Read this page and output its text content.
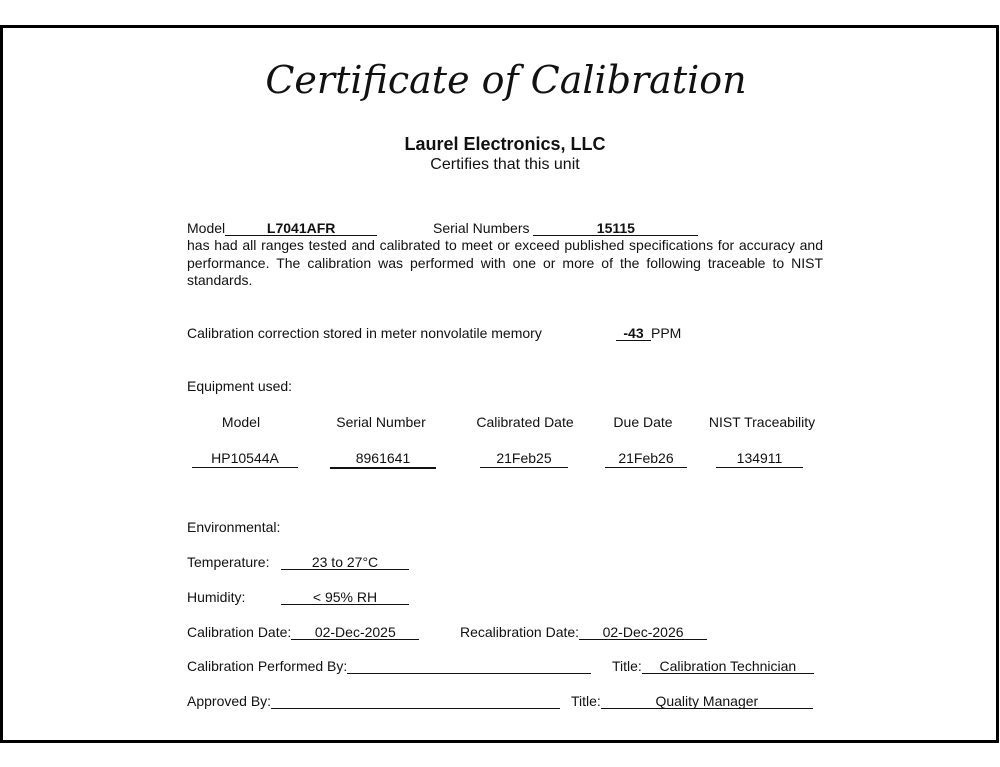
Certificate of Calibration
Laurel Electronics, LLC
Certifies that this unit
Model	L7041AFR	Serial Numbers	15115
has had all ranges tested and calibrated to meet or exceed published specifications for accuracy and performance. The calibration was performed with one or more of the following traceable to NIST standards.
Calibration correction stored in meter nonvolatile memory	-43 PPM
Equipment used:
Model	Serial Number	Calibrated Date	Due Date	NIST Traceability
HP10544A	8961641	21Feb25	21Feb26	134911
Environmental:
Temperature:	23 to 27°C
Humidity:	< 95% RH
Calibration Date: 02-Dec-2025	Recalibration Date: 02-Dec-2026
Calibration Performed By:	Title: Calibration Technician
Approved By:	Title:	Quality Manager
